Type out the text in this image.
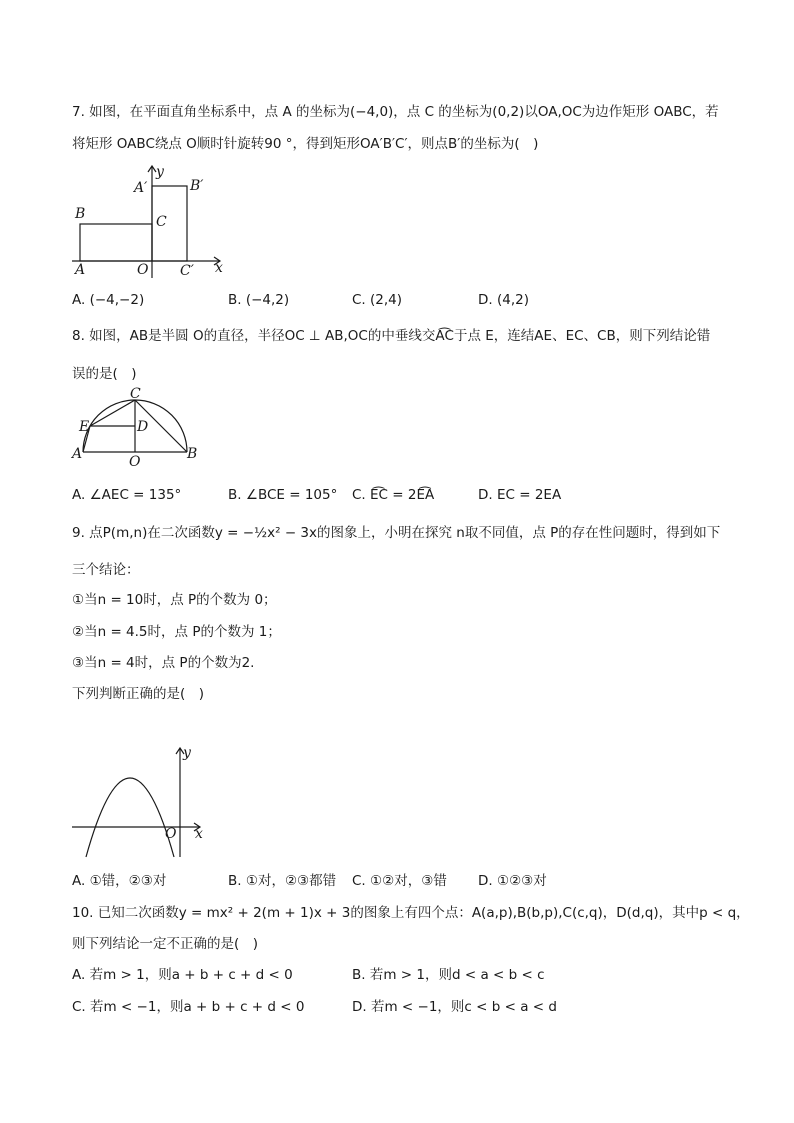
7. 如图，在平面直角坐标系中，点 A 的坐标为(−4,0)，点 C 的坐标为(0,2)以OA,OC为边作矩形 OABC，若
将矩形 OABC绕点 O顺时针旋转90 °，得到矩形OA′B′C′，则点B′的坐标为(　)
y
A′	B′
B	C
A	O C′ x
A. (−4,−2)	B. (−4,2)	C. (2,4)	D. (4,2)
8. 如图，AB是半圆 O的直径，半径OC ⊥ AB,OC的中垂线交A͡C于点 E，连结AE、EC、CB，则下列结论错
误的是(　)
C
E	D
A	O	B
A. ∠AEC = 135°	B. ∠BCE = 105° C. E͡C = 2E͡A	D. EC = 2EA
9. 点P(m,n)在二次函数y = −½x² − 3x的图象上，小明在探究 n取不同值，点 P的存在性问题时，得到如下
三个结论：
①当n = 10时，点 P的个数为 0；
②当n = 4.5时，点 P的个数为 1；
③当n = 4时，点 P的个数为2.
下列判断正确的是(　)
y
O x
A. ①错，②③对	B. ①对，②③都错 C. ①②对，③错 D. ①②③对
10. 已知二次函数y = mx² + 2(m + 1)x + 3的图象上有四个点：A(a,p),B(b,p),C(c,q)，D(d,q)，其中p < q，
则下列结论一定不正确的是(　)
A. 若m > 1，则a + b + c + d < 0	B. 若m > 1，则d < a < b < c
C. 若m < −1，则a + b + c + d < 0	D. 若m < −1，则c < b < a < d
